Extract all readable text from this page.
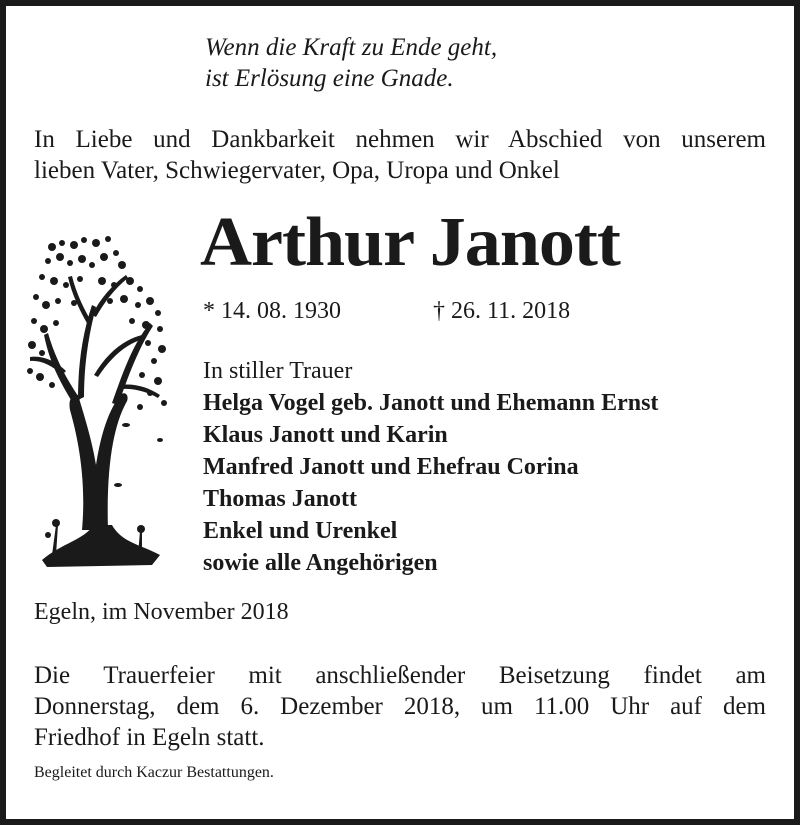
Wenn die Kraft zu Ende geht,
ist Erlösung eine Gnade.
In Liebe und Dankbarkeit nehmen wir Abschied von unserem
lieben Vater, Schwiegervater, Opa, Uropa und Onkel
Arthur Janott
* 14. 08. 1930	† 26. 11. 2018
In stiller Trauer
Helga Vogel geb. Janott und Ehemann Ernst
Klaus Janott und Karin
Manfred Janott und Ehefrau Corina
Thomas Janott
Enkel und Urenkel
sowie alle Angehörigen
Egeln, im November 2018
Die Trauerfeier mit anschließender Beisetzung findet am
Donnerstag, dem 6. Dezember 2018, um 11.00 Uhr auf dem
Friedhof in Egeln statt.
Begleitet durch Kaczur Bestattungen.
